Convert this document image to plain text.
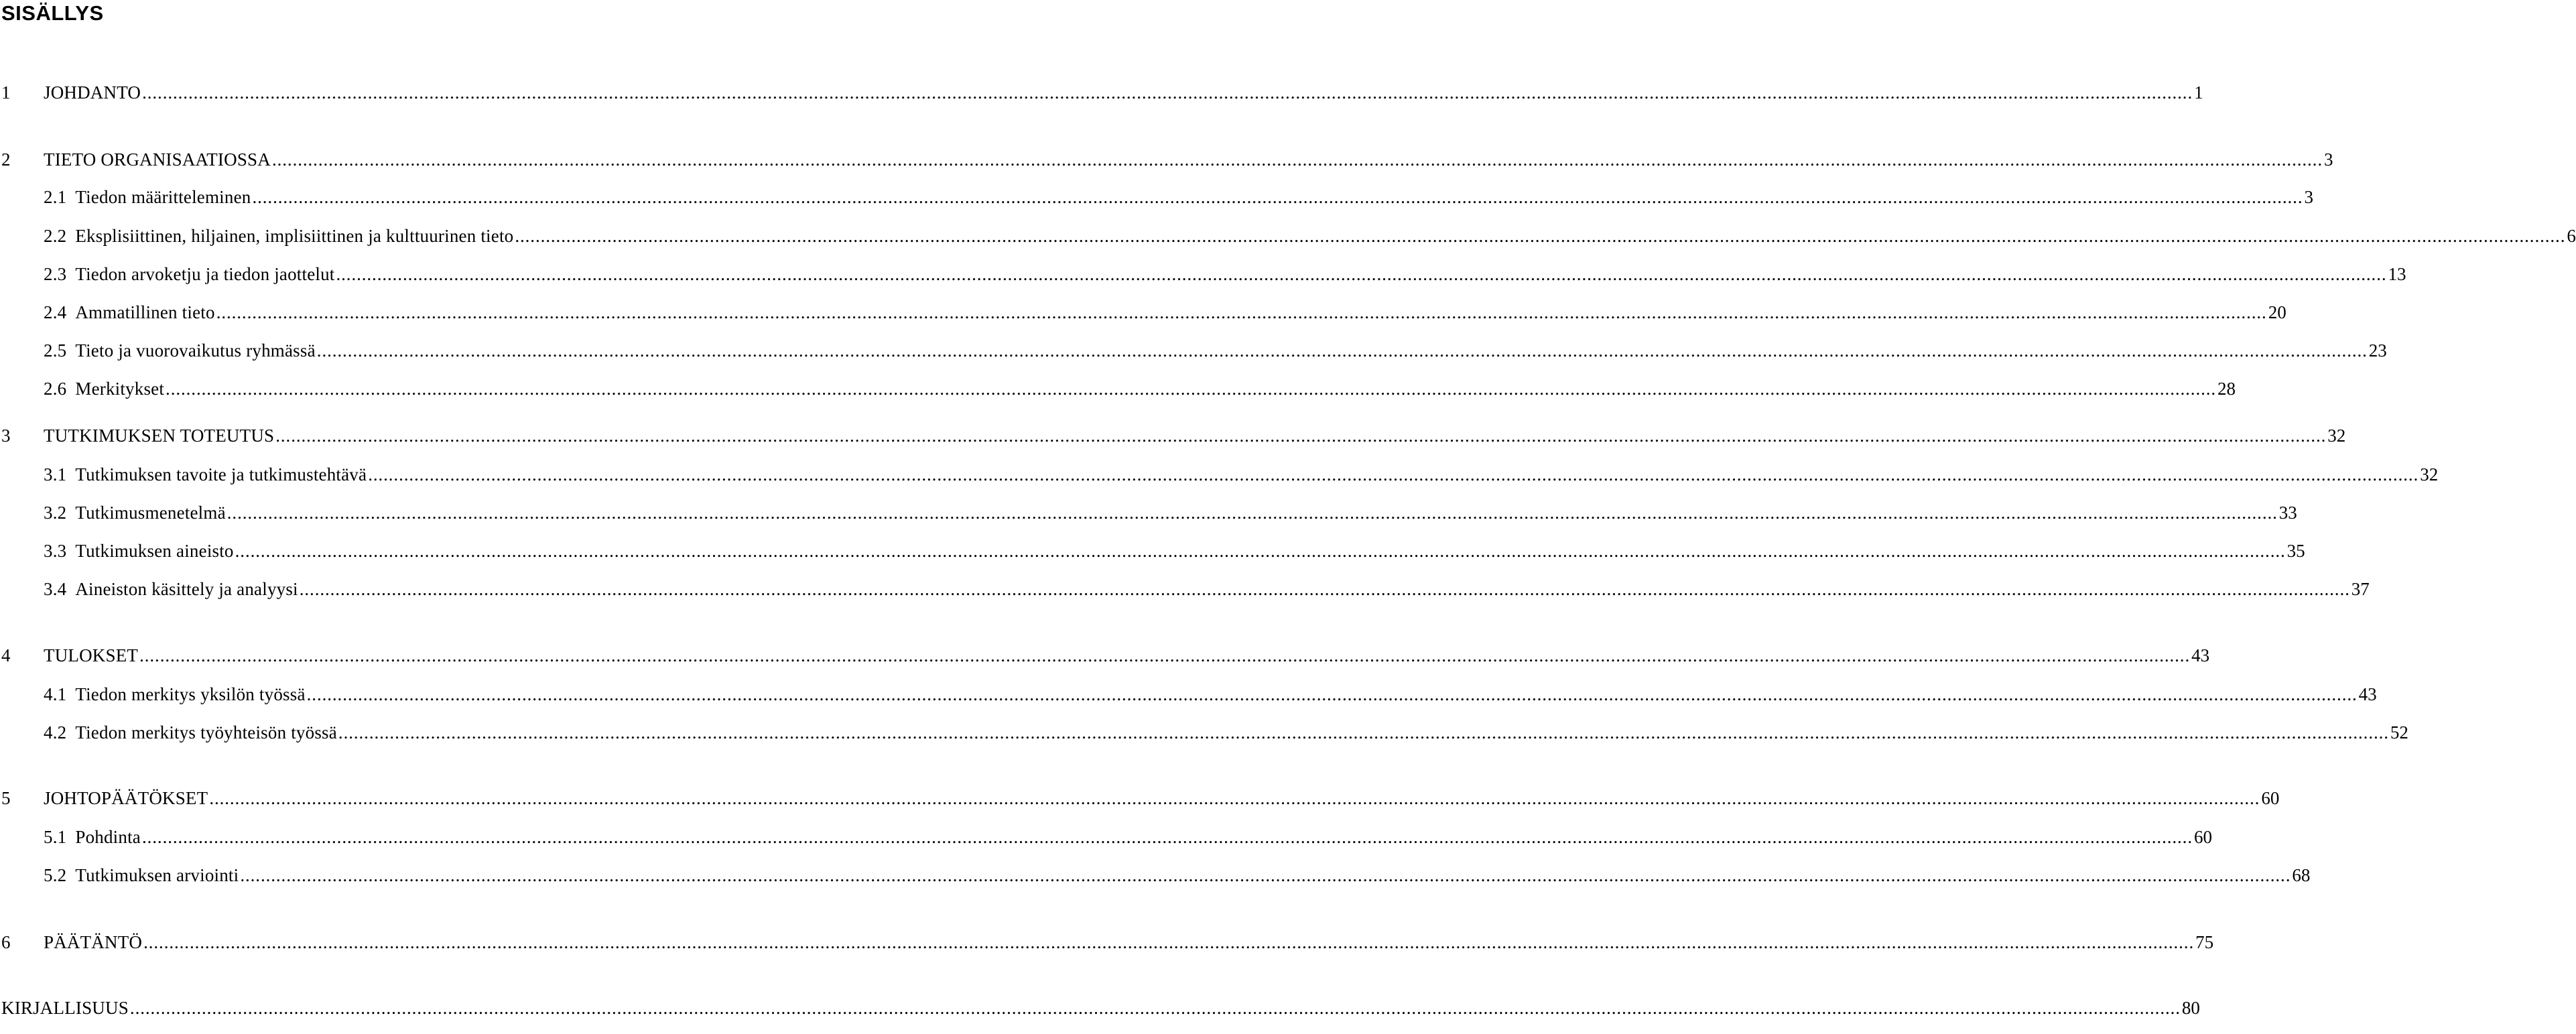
SISÄLLYS
1 JOHDANTO ................................................................................................................................................................................................................................................................................................................................................................................................................ 1
2 TIETO ORGANISAATIOSSA ................................................................................................................................................................................................................................................................................................................................................................................................................ 3
2.1 Tiedon määritteleminen ................................................................................................................................................................................................................................................................................................................................................................................................................ 3
2.2 Eksplisiittinen, hiljainen, implisiittinen ja kulttuurinen tieto ................................................................................................................................................................................................................................................................................................................................................................................................................ 6
2.3 Tiedon arvoketju ja tiedon jaottelut ................................................................................................................................................................................................................................................................................................................................................................................................................ 13
2.4 Ammatillinen tieto ................................................................................................................................................................................................................................................................................................................................................................................................................ 20
2.5 Tieto ja vuorovaikutus ryhmässä ................................................................................................................................................................................................................................................................................................................................................................................................................ 23
2.6 Merkitykset ................................................................................................................................................................................................................................................................................................................................................................................................................ 28
3 TUTKIMUKSEN TOTEUTUS ................................................................................................................................................................................................................................................................................................................................................................................................................ 32
3.1 Tutkimuksen tavoite ja tutkimustehtävä ................................................................................................................................................................................................................................................................................................................................................................................................................ 32
3.2 Tutkimusmenetelmä ................................................................................................................................................................................................................................................................................................................................................................................................................ 33
3.3 Tutkimuksen aineisto ................................................................................................................................................................................................................................................................................................................................................................................................................ 35
3.4 Aineiston käsittely ja analyysi ................................................................................................................................................................................................................................................................................................................................................................................................................ 37
4 TULOKSET ................................................................................................................................................................................................................................................................................................................................................................................................................ 43
4.1 Tiedon merkitys yksilön työssä ................................................................................................................................................................................................................................................................................................................................................................................................................ 43
4.2 Tiedon merkitys työyhteisön työssä ................................................................................................................................................................................................................................................................................................................................................................................................................ 52
5 JOHTOPÄÄTÖKSET ................................................................................................................................................................................................................................................................................................................................................................................................................ 60
5.1 Pohdinta ................................................................................................................................................................................................................................................................................................................................................................................................................ 60
5.2 Tutkimuksen arviointi ................................................................................................................................................................................................................................................................................................................................................................................................................ 68
6 PÄÄTÄNTÖ ................................................................................................................................................................................................................................................................................................................................................................................................................ 75
KIRJALLISUUS ................................................................................................................................................................................................................................................................................................................................................................................................................ 80
